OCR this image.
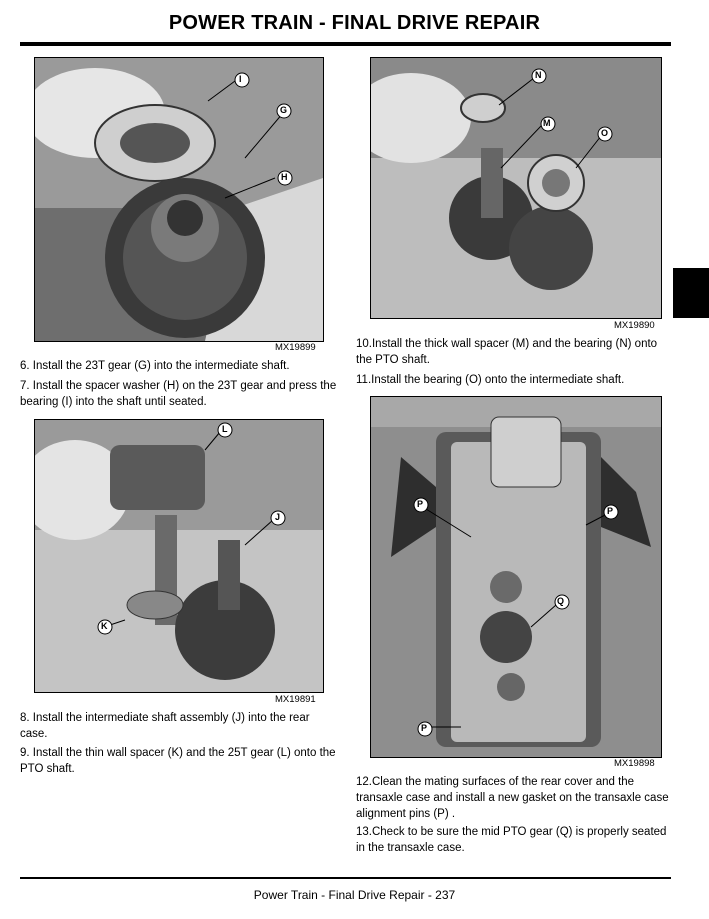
POWER TRAIN - FINAL DRIVE REPAIR
I
G
H
MX19899
6. Install the 23T gear (G) into the intermediate shaft.
7. Install the spacer washer (H) on the 23T gear and press the bearing (I) into the shaft until seated.
N
M
O
MX19890
10.Install the thick wall spacer (M) and the bearing (N) onto the PTO shaft.
11.Install the bearing (O) onto the intermediate shaft.
L
J
K
MX19891
8. Install the intermediate shaft assembly (J) into the rear case.
9. Install the thin wall spacer (K) and the 25T gear (L) onto the PTO shaft.
P
P
Q
P
MX19898
12.Clean the mating surfaces of the rear cover and the transaxle case and install a new gasket on the transaxle case alignment pins (P) .
13.Check to be sure the mid PTO gear (Q) is properly seated in the transaxle case.
Power Train - Final Drive Repair - 237
